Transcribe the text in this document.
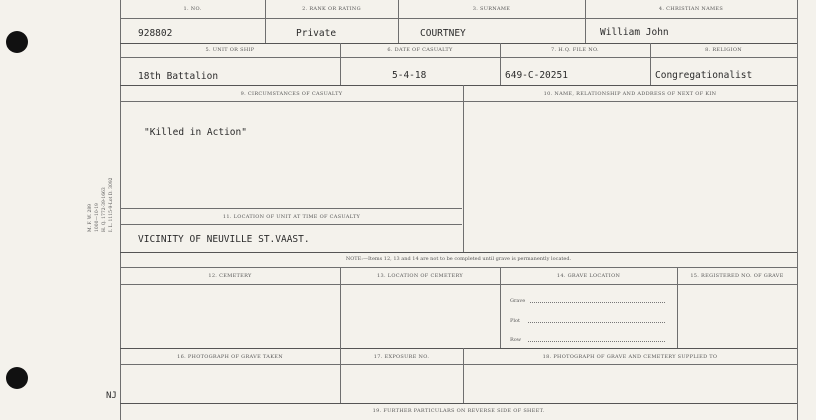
M. F. W. 289 1000—10-19 H. Q. 1772-39-1663 I. L. 1115-9-Lot D. 3092
NJ
1. NO.	2. RANK OR RATING	3. SURNAME	4. CHRISTIAN NAMES
928802	Private	COURTNEY	William John
5. UNIT OR SHIP	6. DATE OF CASUALTY	7. H.Q. FILE NO.	8. RELIGION
18th Battalion	5-4-18	649-C-20251	Congregationalist
9. CIRCUMSTANCES OF CASUALTY
"Killed in Action"
10. NAME, RELATIONSHIP AND ADDRESS OF NEXT OF KIN
11. LOCATION OF UNIT AT TIME OF CASUALTY
VICINITY OF NEUVILLE ST.VAAST.
NOTE:—Items 12, 13 and 14 are not to be completed until grave is permanently located.
12. CEMETERY	13. LOCATION OF CEMETERY	14. GRAVE LOCATION	15. REGISTERED NO. OF GRAVE
Grave
Plot
Row
16. PHOTOGRAPH OF GRAVE TAKEN	17. EXPOSURE NO.	18. PHOTOGRAPH OF GRAVE AND CEMETERY SUPPLIED TO
19. FURTHER PARTICULARS ON REVERSE SIDE OF SHEET.
